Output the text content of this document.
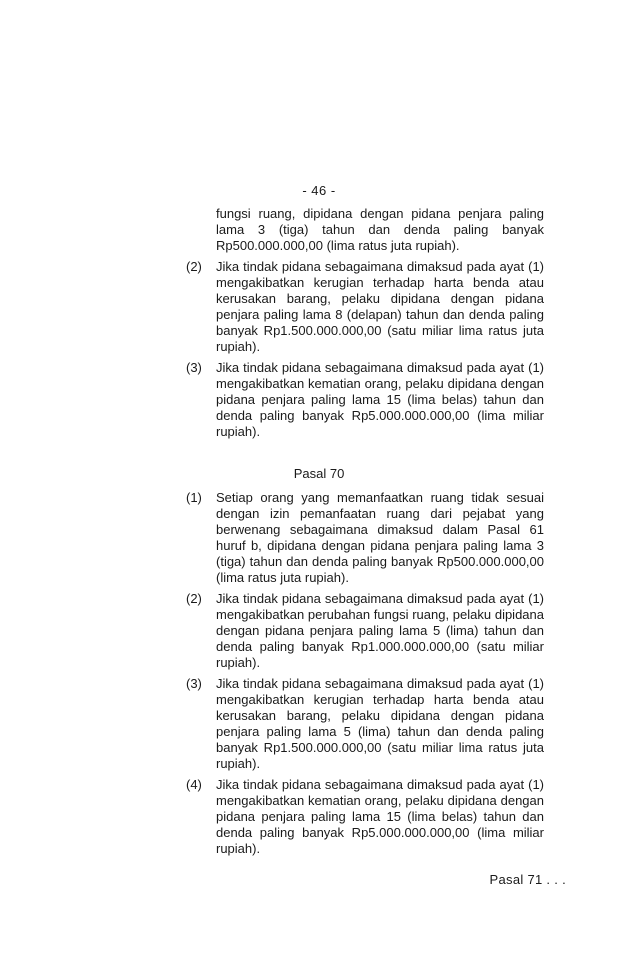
- 46 -
fungsi ruang, dipidana dengan pidana penjara paling lama 3 (tiga) tahun dan denda paling banyak Rp500.000.000,00 (lima ratus juta rupiah).
(2) Jika tindak pidana sebagaimana dimaksud pada ayat (1) mengakibatkan kerugian terhadap harta benda atau kerusakan barang, pelaku dipidana dengan pidana penjara paling lama 8 (delapan) tahun dan denda paling banyak Rp1.500.000.000,00 (satu miliar lima ratus juta rupiah).
(3) Jika tindak pidana sebagaimana dimaksud pada ayat (1) mengakibatkan kematian orang, pelaku dipidana dengan pidana penjara paling lama 15 (lima belas) tahun dan denda paling banyak Rp5.000.000.000,00 (lima miliar rupiah).
Pasal 70
(1) Setiap orang yang memanfaatkan ruang tidak sesuai dengan izin pemanfaatan ruang dari pejabat yang berwenang sebagaimana dimaksud dalam Pasal 61 huruf b, dipidana dengan pidana penjara paling lama 3 (tiga) tahun dan denda paling banyak Rp500.000.000,00 (lima ratus juta rupiah).
(2) Jika tindak pidana sebagaimana dimaksud pada ayat (1) mengakibatkan perubahan fungsi ruang, pelaku dipidana dengan pidana penjara paling lama 5 (lima) tahun dan denda paling banyak Rp1.000.000.000,00 (satu miliar rupiah).
(3) Jika tindak pidana sebagaimana dimaksud pada ayat (1) mengakibatkan kerugian terhadap harta benda atau kerusakan barang, pelaku dipidana dengan pidana penjara paling lama 5 (lima) tahun dan denda paling banyak Rp1.500.000.000,00 (satu miliar lima ratus juta rupiah).
(4) Jika tindak pidana sebagaimana dimaksud pada ayat (1) mengakibatkan kematian orang, pelaku dipidana dengan pidana penjara paling lama 15 (lima belas) tahun dan denda paling banyak Rp5.000.000.000,00 (lima miliar rupiah).
Pasal 71 . . .
